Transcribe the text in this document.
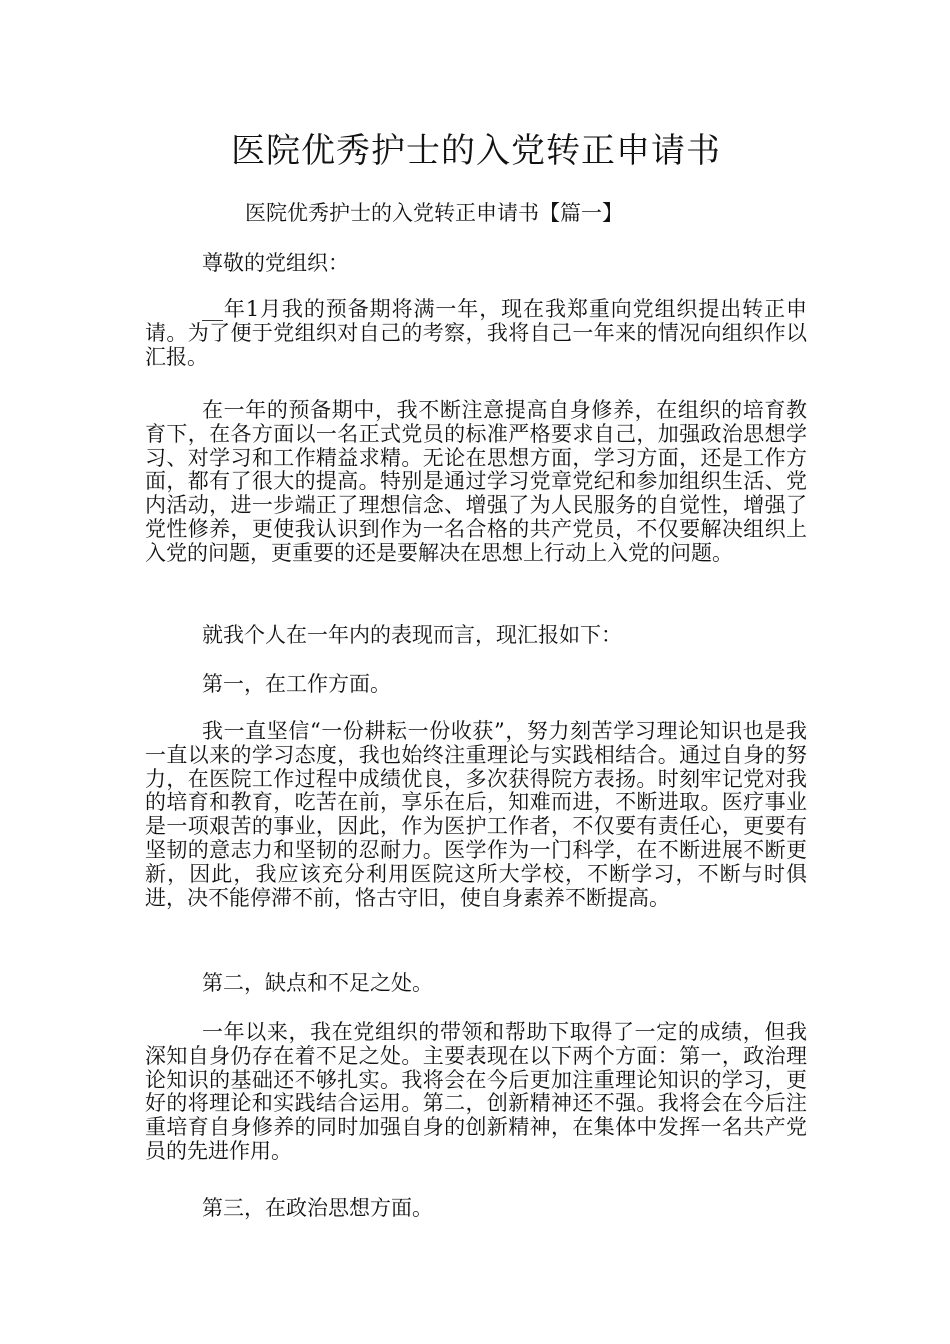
医院优秀护士的入党转正申请书

医院优秀护士的入党转正申请书【篇一】

尊敬的党组织：

__年1月我的预备期将满一年，现在我郑重向党组织提出转正申请。为了便于党组织对自己的考察，我将自己一年来的情况向组织作以汇报。

在一年的预备期中，我不断注意提高自身修养，在组织的培育教育下，在各方面以一名正式党员的标准严格要求自己，加强政治思想学习、对学习和工作精益求精。无论在思想方面，学习方面，还是工作方面，都有了很大的提高。特别是通过学习党章党纪和参加组织生活、党内活动，进一步端正了理想信念、增强了为人民服务的自觉性，增强了党性修养，更使我认识到作为一名合格的共产党员，不仅要解决组织上入党的问题，更重要的还是要解决在思想上行动上入党的问题。

就我个人在一年内的表现而言，现汇报如下：

第一，在工作方面。

我一直坚信“一份耕耘一份收获”，努力刻苦学习理论知识也是我一直以来的学习态度，我也始终注重理论与实践相结合。通过自身的努力，在医院工作过程中成绩优良，多次获得院方表扬。时刻牢记党对我的培育和教育，吃苦在前，享乐在后，知难而进，不断进取。医疗事业是一项艰苦的事业，因此，作为医护工作者，不仅要有责任心，更要有坚韧的意志力和坚韧的忍耐力。医学作为一门科学，在不断进展不断更新，因此，我应该充分利用医院这所大学校，不断学习，不断与时俱进，决不能停滞不前，恪古守旧，使自身素养不断提高。

第二，缺点和不足之处。

一年以来，我在党组织的带领和帮助下取得了一定的成绩，但我深知自身仍存在着不足之处。主要表现在以下两个方面：第一，政治理论知识的基础还不够扎实。我将会在今后更加注重理论知识的学习，更好的将理论和实践结合运用。第二，创新精神还不强。我将会在今后注重培育自身修养的同时加强自身的创新精神，在集体中发挥一名共产党员的先进作用。

第三，在政治思想方面。
